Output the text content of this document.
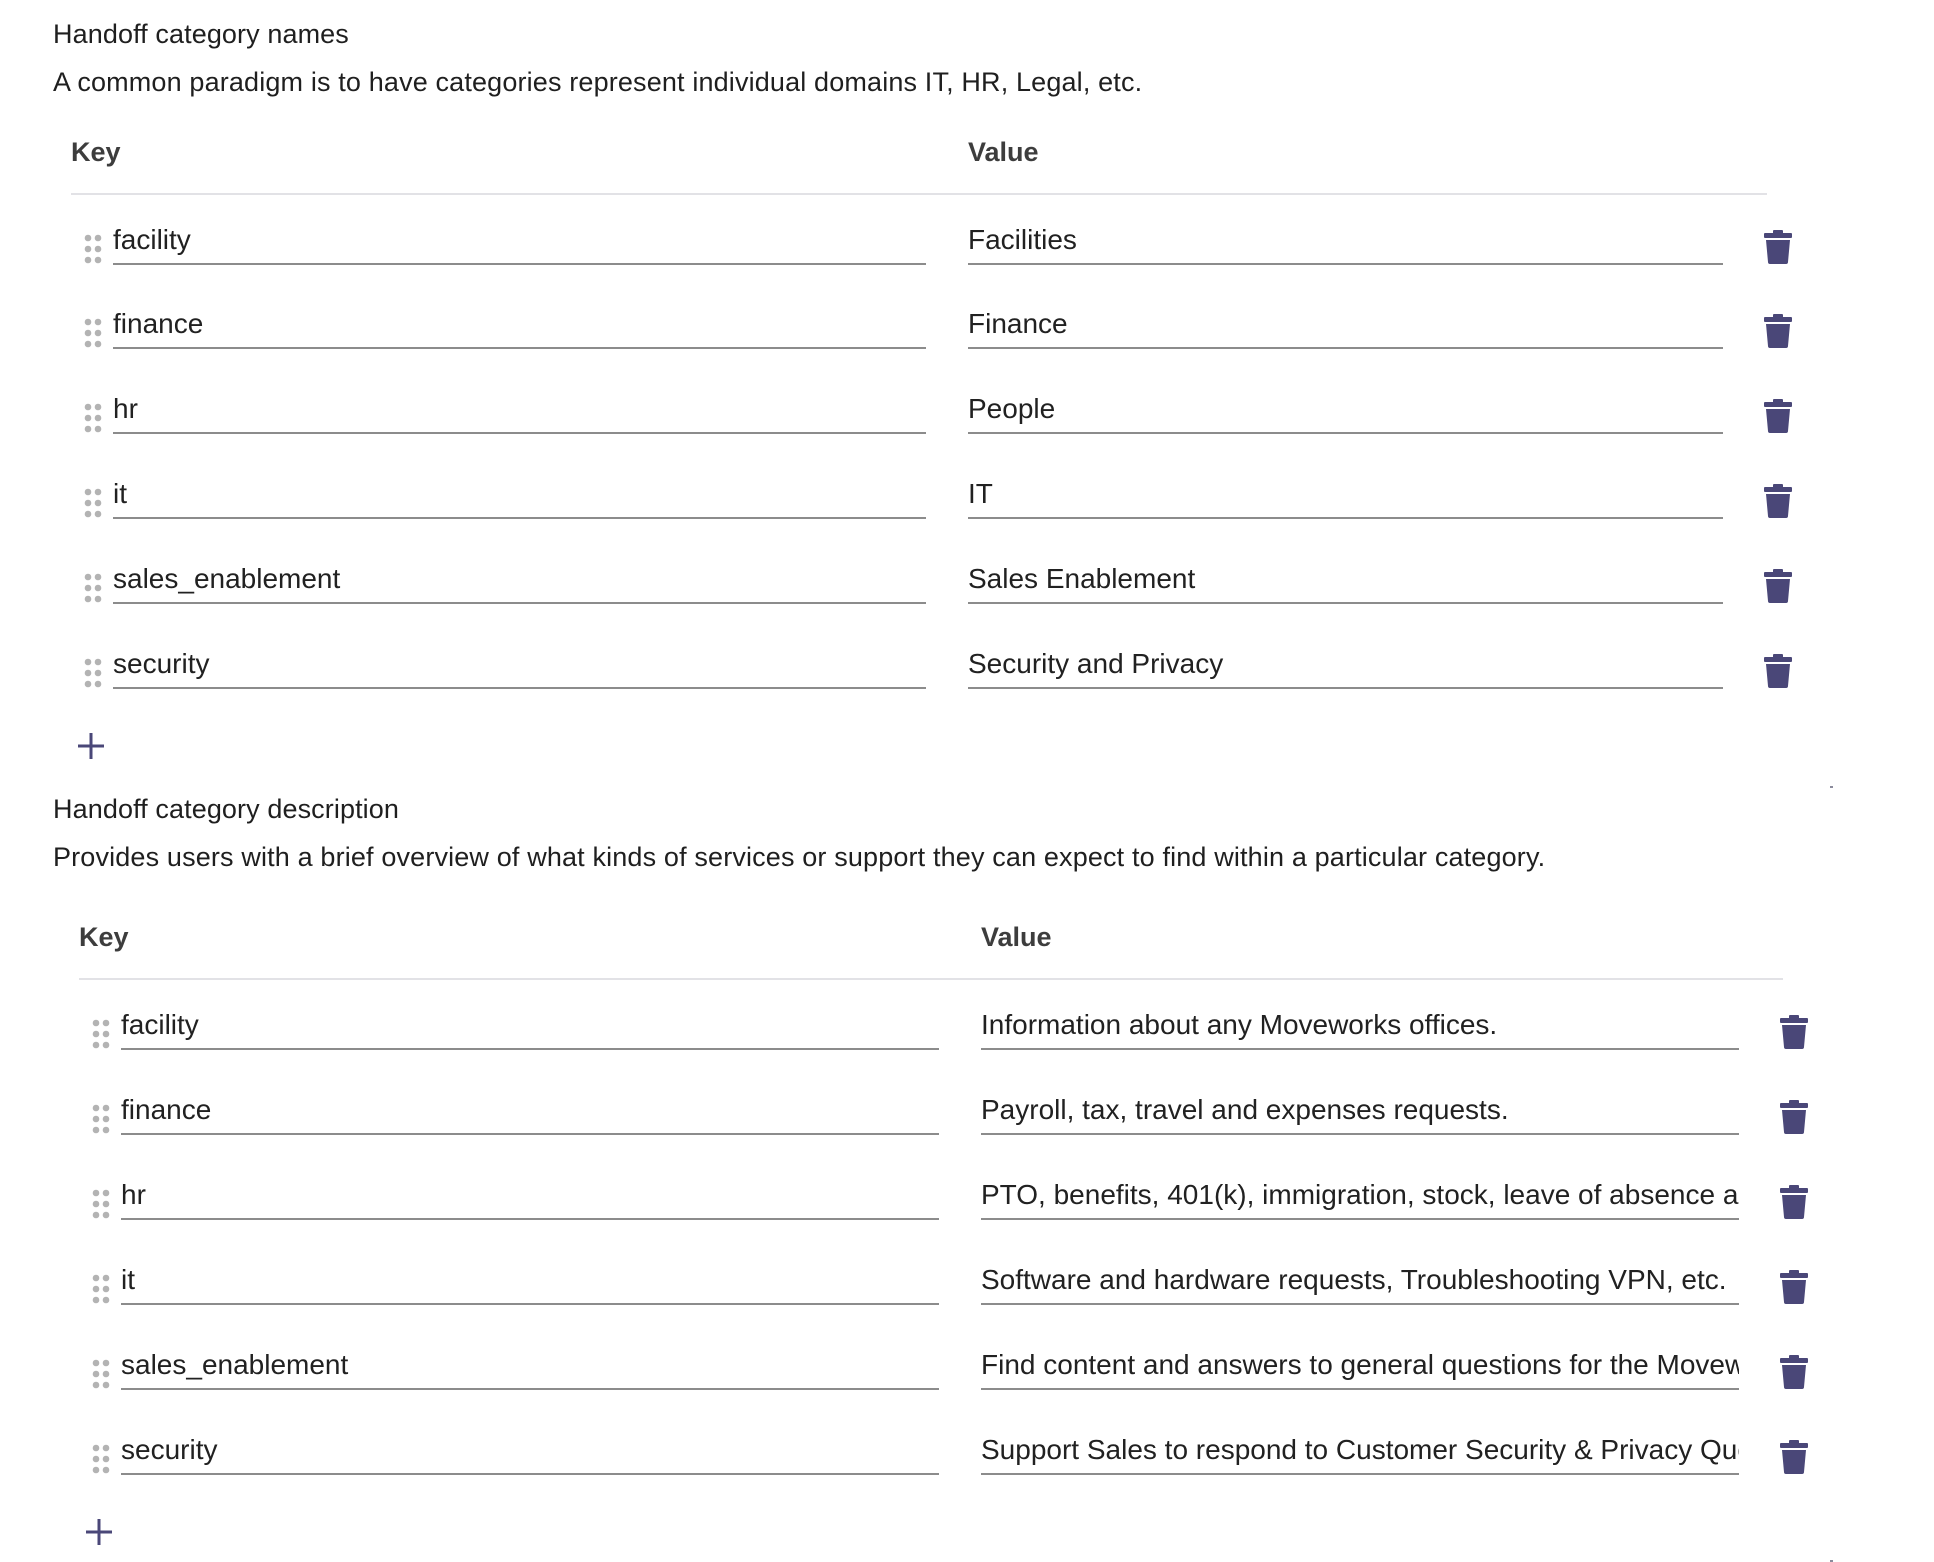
Handoff category names
A common paradigm is to have categories represent individual domains IT, HR, Legal, etc.
Key	Value
facility
Facilities
finance
Finance
hr
People
it
IT
sales_enablement
Sales Enablement
security
Security and Privacy
Handoff category description
Provides users with a brief overview of what kinds of services or support they can expect to find within a particular category.
Key	Value
facility
Information about any Moveworks offices.
finance
Payroll, tax, travel and expenses requests.
hr
PTO, benefits, 401(k), immigration, stock, leave of absence and more.
it
Software and hardware requests, Troubleshooting VPN, etc.
sales_enablement
Find content and answers to general questions for the Moveworks sales team.
security
Support Sales to respond to Customer Security & Privacy Questions.
